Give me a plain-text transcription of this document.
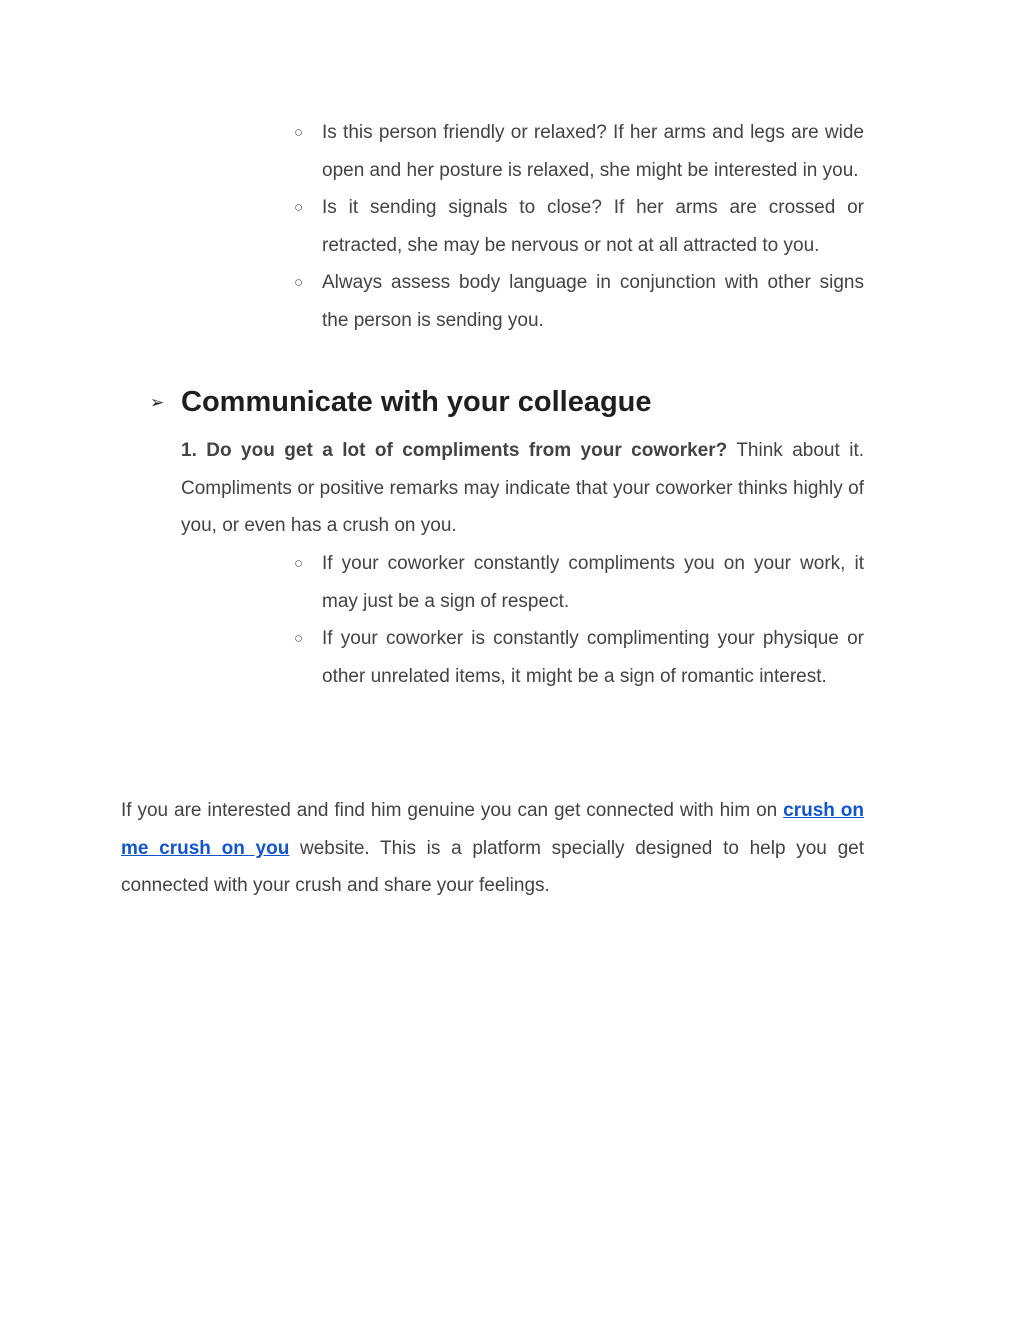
○ Is this person friendly or relaxed? If her arms and legs are wide open and her posture is relaxed, she might be interested in you.
○ Is it sending signals to close? If her arms are crossed or retracted, she may be nervous or not at all attracted to you.
○ Always assess body language in conjunction with other signs the person is sending you.
➢ Communicate with your colleague

1. Do you get a lot of compliments from your coworker? Think about it. Compliments or positive remarks may indicate that your coworker thinks highly of you, or even has a crush on you.

○ If your coworker constantly compliments you on your work, it may just be a sign of respect.
○ If your coworker is constantly complimenting your physique or other unrelated items, it might be a sign of romantic interest.

If you are interested and find him genuine you can get connected with him on crush on me crush on you website. This is a platform specially designed to help you get connected with your crush and share your feelings.
